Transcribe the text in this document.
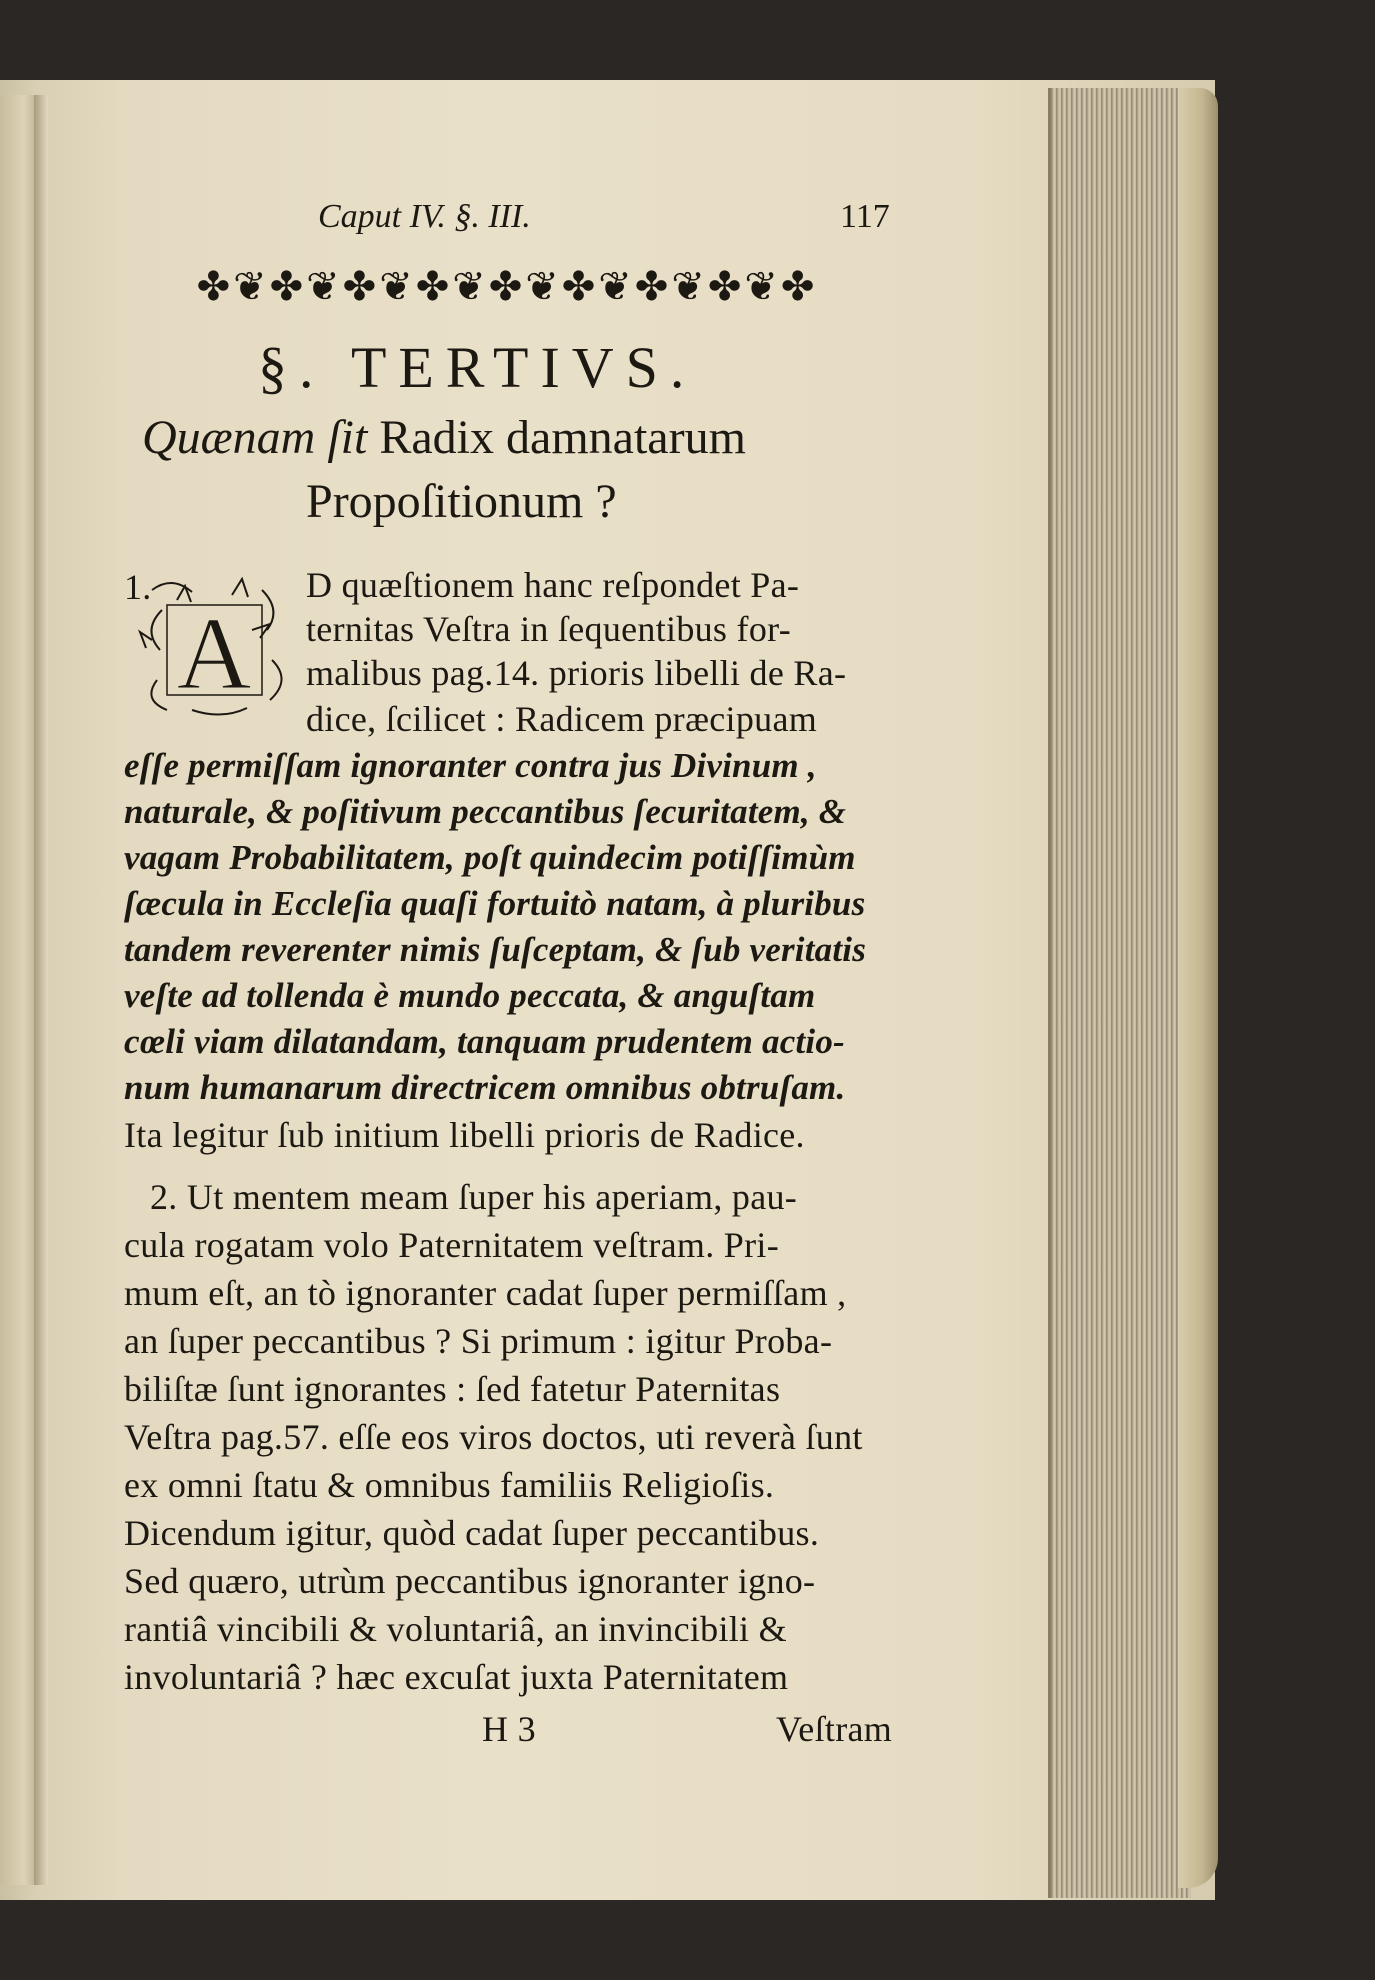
Caput IV. §. III.	117
✤❦✤❦✤❦✤❦✤❦✤❦✤❦✤❦✤
§. TERTIVS.
Quænam ſit Radix damnatarum
Propoſitionum ?
1.
A
D quæſtionem hanc reſpondet Pa-
ternitas Veſtra in ſequentibus for-
malibus pag.14. prioris libelli de Ra-
dice, ſcilicet : Radicem præcipuam
eſſe permiſſam ignoranter contra jus Divinum ,
naturale, & poſitivum peccantibus ſecuritatem, &
vagam Probabilitatem, poſt quindecim potiſſimùm
ſæcula in Eccleſia quaſi fortuitò natam, à pluribus
tandem reverenter nimis ſuſceptam, & ſub veritatis
veſte ad tollenda è mundo peccata, & anguſtam
cœli viam dilatandam, tanquam prudentem actio-
num humanarum directricem omnibus obtruſam.
Ita legitur ſub initium libelli prioris de Radice.
2. Ut mentem meam ſuper his aperiam, pau-
cula rogatam volo Paternitatem veſtram. Pri-
mum eſt, an tò ignoranter cadat ſuper permiſſam ,
an ſuper peccantibus ? Si primum : igitur Proba-
biliſtæ ſunt ignorantes : ſed fatetur Paternitas
Veſtra pag.57. eſſe eos viros doctos, uti reverà ſunt
ex omni ſtatu & omnibus familiis Religioſis.
Dicendum igitur, quòd cadat ſuper peccantibus.
Sed quæro, utrùm peccantibus ignoranter igno-
rantiâ vincibili & voluntariâ, an invincibili &
involuntariâ ? hæc excuſat juxta Paternitatem
H 3	Veſtram
